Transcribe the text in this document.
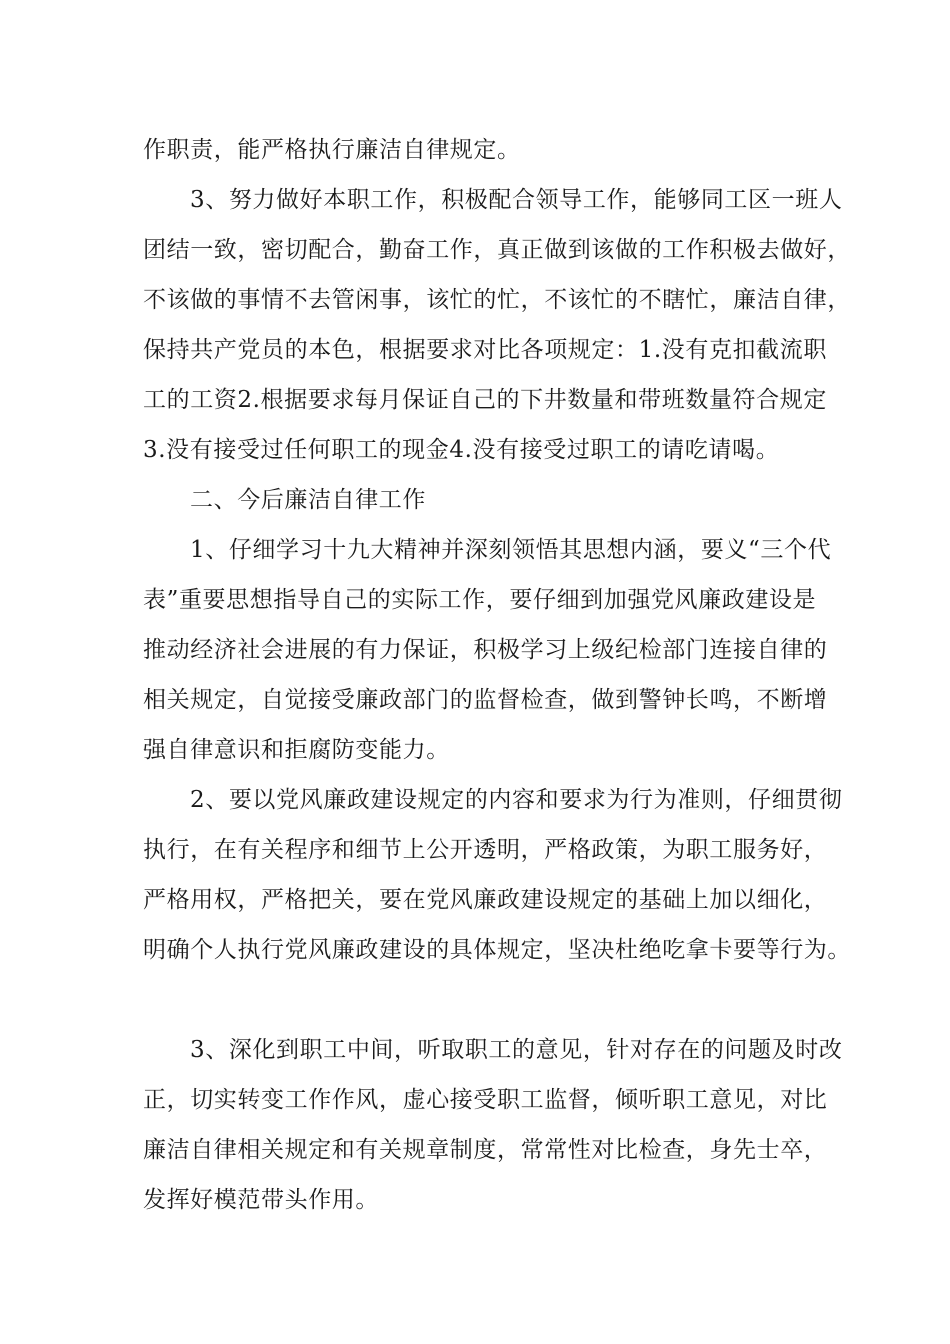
作职责，能严格执行廉洁自律规定。

3、努力做好本职工作，积极配合领导工作，能够同工区一班人

团结一致，密切配合，勤奋工作，真正做到该做的工作积极去做好，

不该做的事情不去管闲事，该忙的忙，不该忙的不瞎忙，廉洁自律，

保持共产党员的本色，根据要求对比各项规定：1.没有克扣截流职

工的工资2.根据要求每月保证自己的下井数量和带班数量符合规定

3.没有接受过任何职工的现金4.没有接受过职工的请吃请喝。

二、今后廉洁自律工作

1、仔细学习十九大精神并深刻领悟其思想内涵，要义“三个代

表”重要思想指导自己的实际工作，要仔细到加强党风廉政建设是

推动经济社会进展的有力保证，积极学习上级纪检部门连接自律的

相关规定，自觉接受廉政部门的监督检查，做到警钟长鸣，不断增

强自律意识和拒腐防变能力。

2、要以党风廉政建设规定的内容和要求为行为准则，仔细贯彻

执行，在有关程序和细节上公开透明，严格政策，为职工服务好，

严格用权，严格把关，要在党风廉政建设规定的基础上加以细化，

明确个人执行党风廉政建设的具体规定，坚决杜绝吃拿卡要等行为。

3、深化到职工中间，听取职工的意见，针对存在的问题及时改

正，切实转变工作作风，虚心接受职工监督，倾听职工意见，对比

廉洁自律相关规定和有关规章制度，常常性对比检查，身先士卒，

发挥好模范带头作用。
